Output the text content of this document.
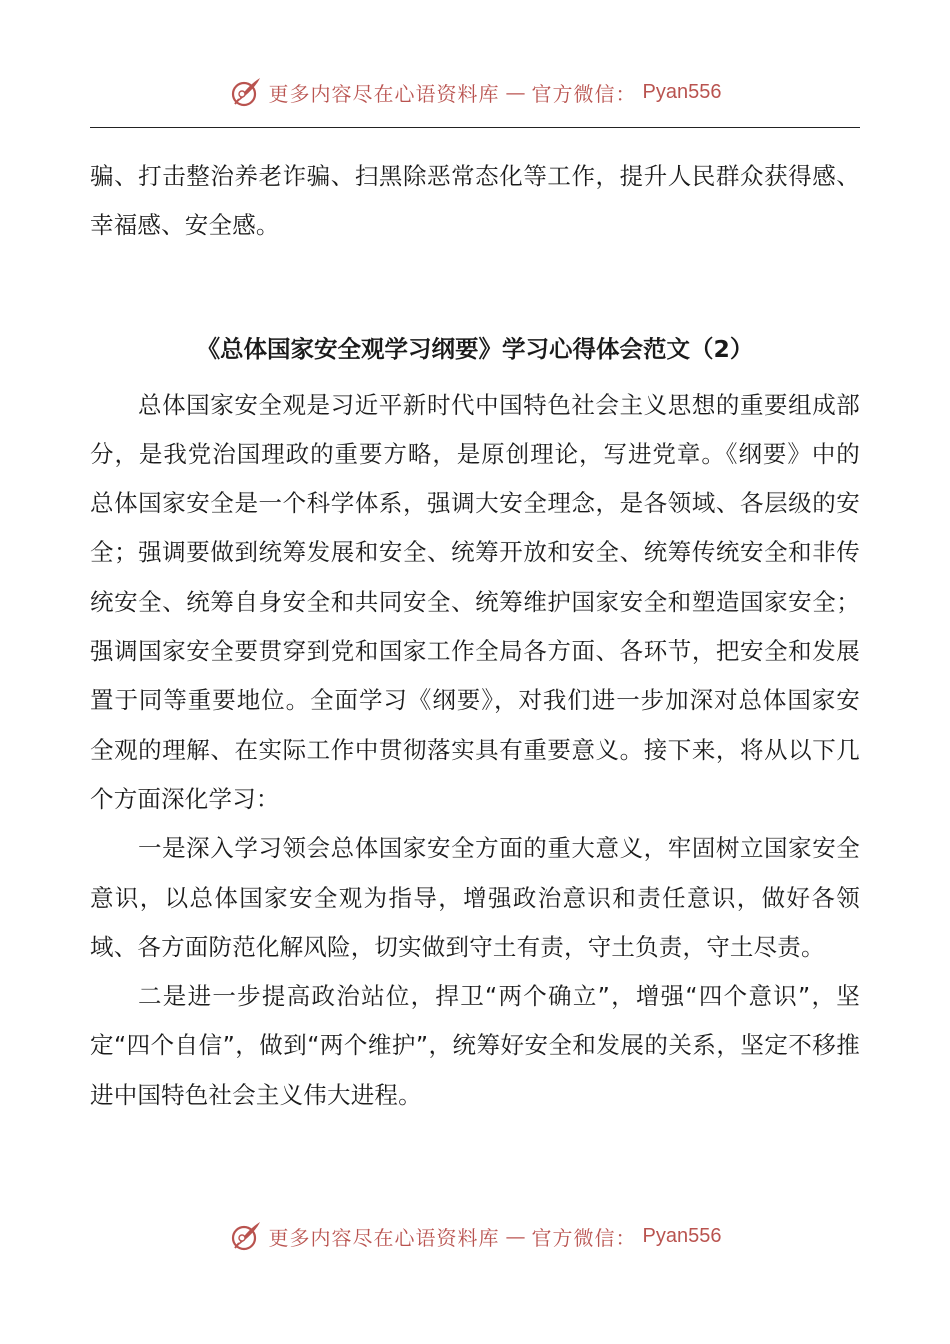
更多内容尽在心语资料库 — 官方微信： Pyan556

骗、打击整治养老诈骗、扫黑除恶常态化等工作，提升人民群众获得感、幸福感、安全感。

《总体国家安全观学习纲要》学习心得体会范文（2）

总体国家安全观是习近平新时代中国特色社会主义思想的重要组成部分，是我党治国理政的重要方略，是原创理论，写进党章。《纲要》中的总体国家安全是一个科学体系，强调大安全理念，是各领域、各层级的安全；强调要做到统筹发展和安全、统筹开放和安全、统筹传统安全和非传统安全、统筹自身安全和共同安全、统筹维护国家安全和塑造国家安全；强调国家安全要贯穿到党和国家工作全局各方面、各环节，把安全和发展置于同等重要地位。全面学习《纲要》，对我们进一步加深对总体国家安全观的理解、在实际工作中贯彻落实具有重要意义。接下来，将从以下几个方面深化学习：

一是深入学习领会总体国家安全方面的重大意义，牢固树立国家安全意识，以总体国家安全观为指导，增强政治意识和责任意识，做好各领域、各方面防范化解风险，切实做到守土有责，守土负责，守土尽责。

二是进一步提高政治站位，捍卫“两个确立”，增强“四个意识”，坚定“四个自信”，做到“两个维护”，统筹好安全和发展的关系，坚定不移推进中国特色社会主义伟大进程。

更多内容尽在心语资料库 — 官方微信： Pyan556
